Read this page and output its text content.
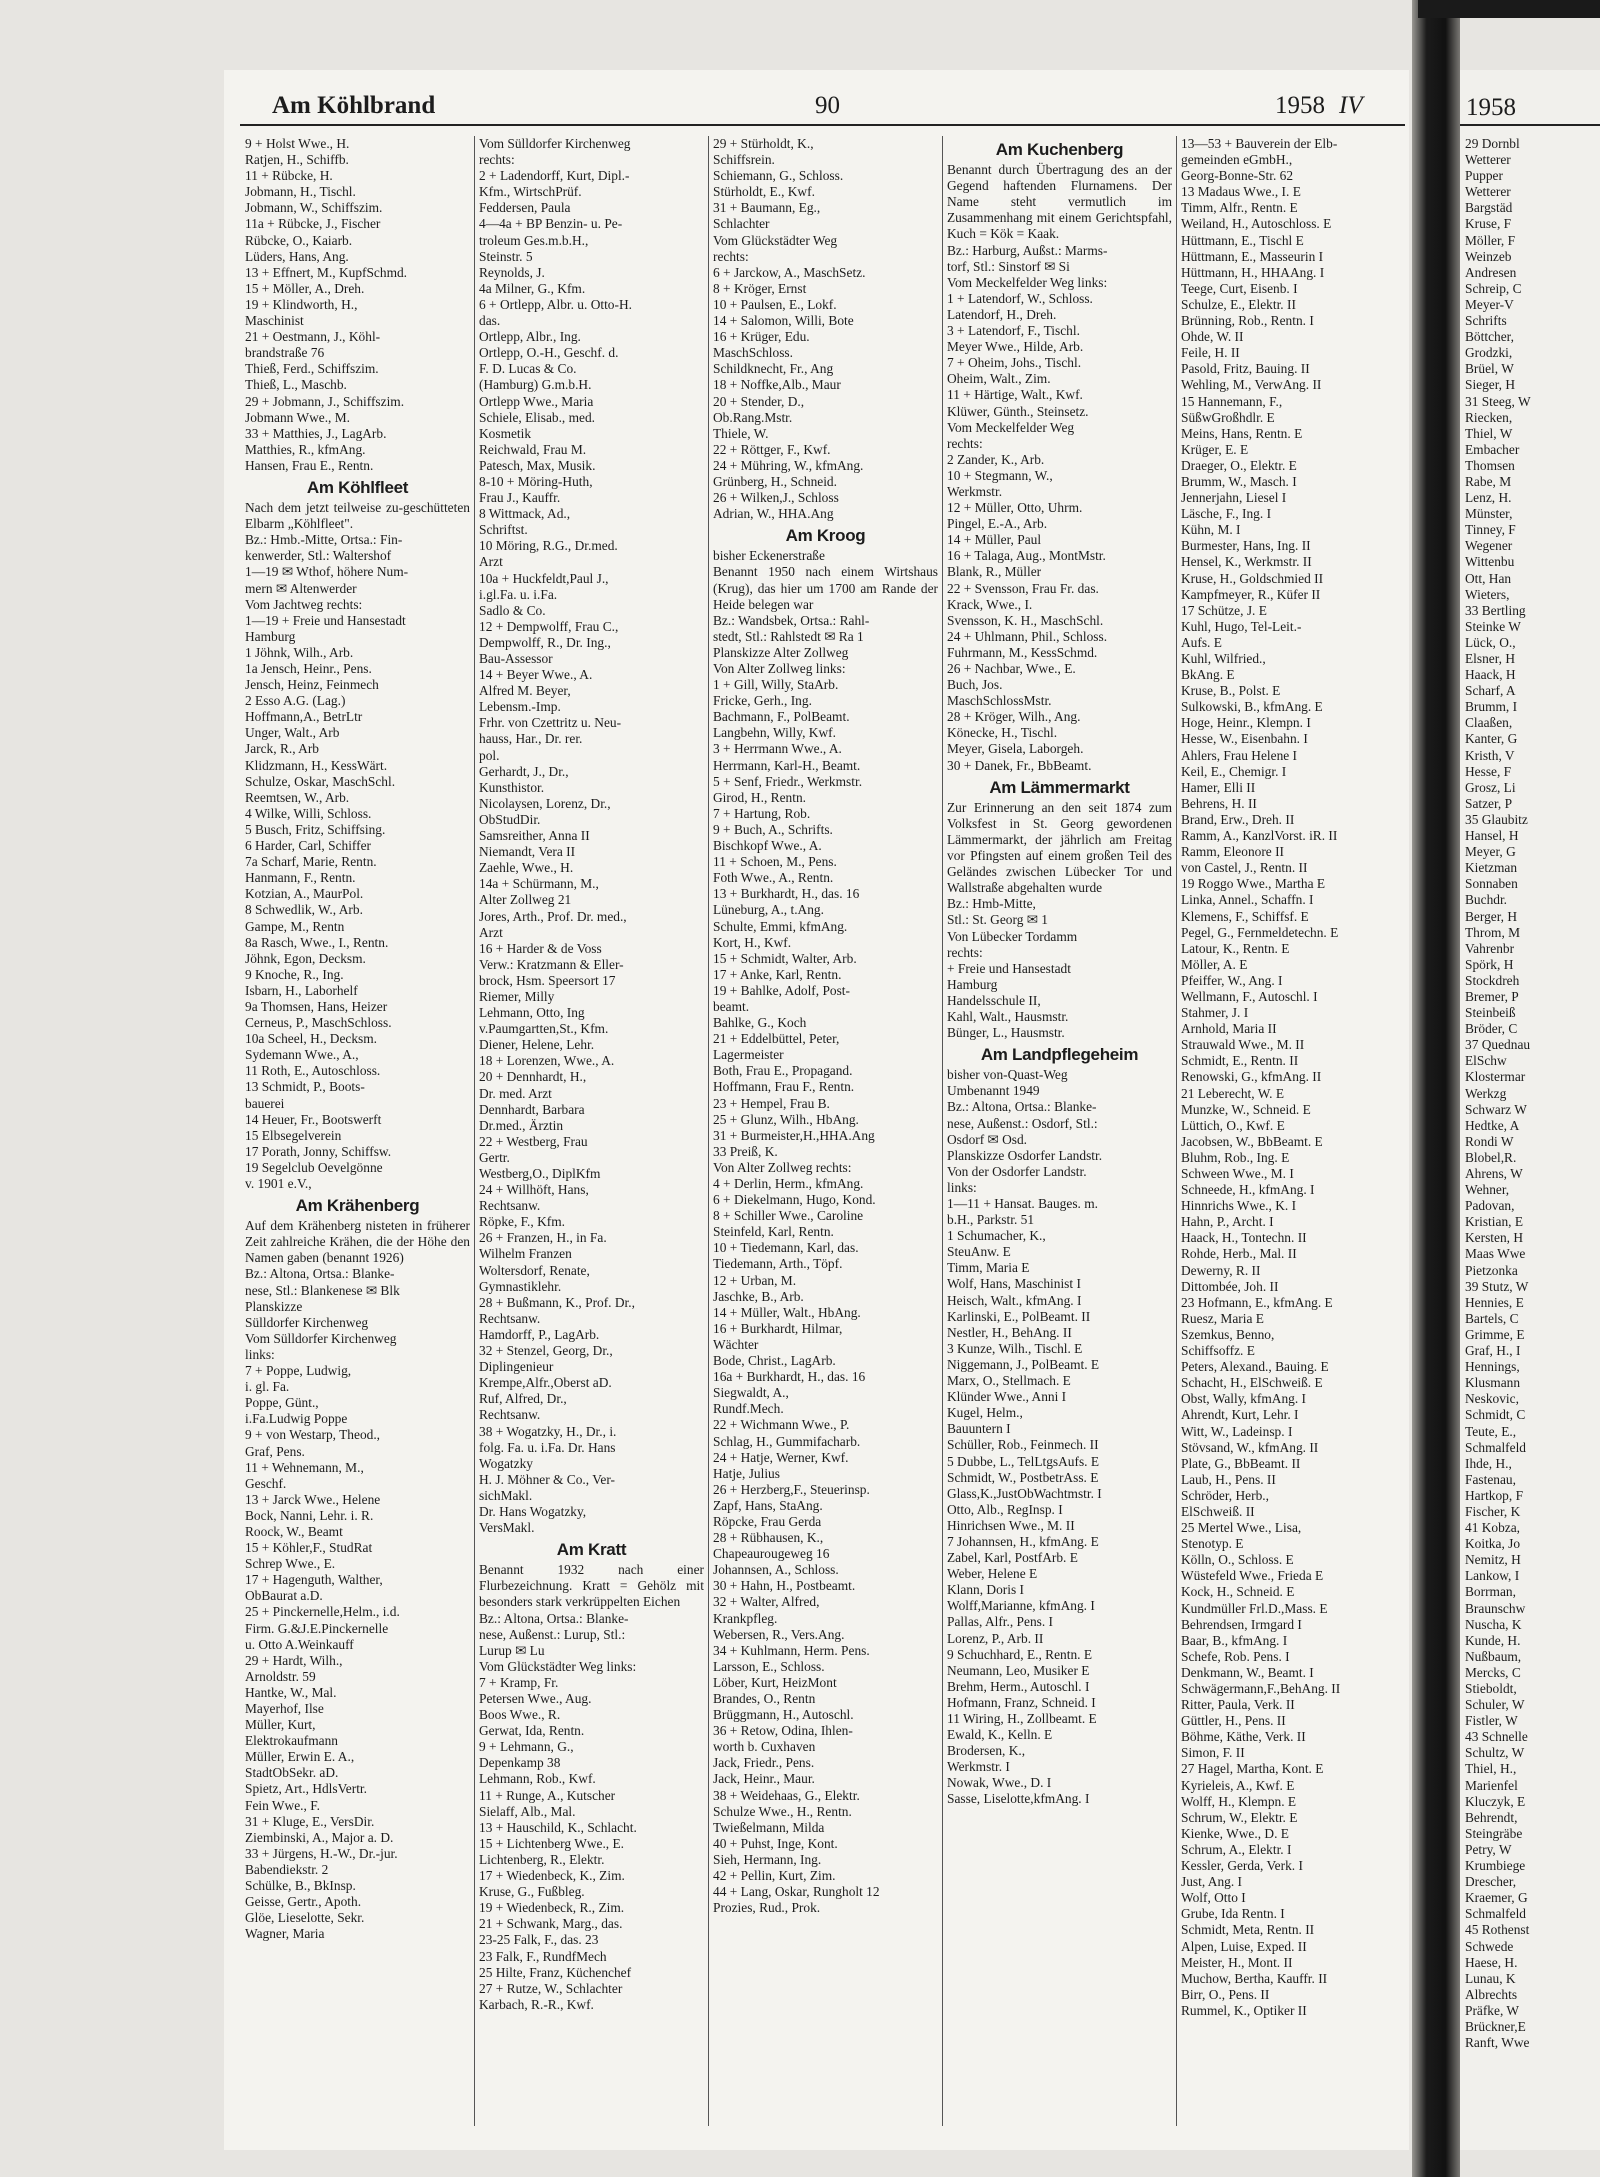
Am Köhlbrand	90	1958 IV	1958
9 + Holst Wwe., H.
Ratjen, H., Schiffb.
11 + Rübcke, H.
Jobmann, H., Tischl.
Jobmann, W., Schiffszim.
11a + Rübcke, J., Fischer
Rübcke, O., Kaiarb.
Lüders, Hans, Ang.
13 + Effnert, M., KupfSchmd.
15 + Möller, A., Dreh.
19 + Klindworth, H.,
Maschinist
21 + Oestmann, J., Köhl-
brandstraße 76
Thieß, Ferd., Schiffszim.
Thieß, L., Maschb.
29 + Jobmann, J., Schiffszim.
Jobmann Wwe., M.
33 + Matthies, J., LagArb.
Matthies, R., kfmAng.
Hansen, Frau E., Rentn.
Am Köhlfleet
Nach dem jetzt teilweise zu-geschütteten Elbarm „Köhlfleet".
Bz.: Hmb.-Mitte, Ortsa.: Fin-
kenwerder, Stl.: Waltershof
1—19 ✉ Wthof, höhere Num-
mern ✉ Altenwerder
Vom Jachtweg rechts:
1—19 + Freie und Hansestadt
Hamburg
1 Jöhnk, Wilh., Arb.
1a Jensch, Heinr., Pens.
Jensch, Heinz, Feinmech
2 Esso A.G. (Lag.)
Hoffmann,A., BetrLtr
Unger, Walt., Arb
Jarck, R., Arb
Klidzmann, H., KessWärt.
Schulze, Oskar, MaschSchl.
Reemtsen, W., Arb.
4 Wilke, Willi, Schloss.
5 Busch, Fritz, Schiffsing.
6 Harder, Carl, Schiffer
7a Scharf, Marie, Rentn.
Hanmann, F., Rentn.
Kotzian, A., MaurPol.
8 Schwedlik, W., Arb.
Gampe, M., Rentn
8a Rasch, Wwe., I., Rentn.
Jöhnk, Egon, Decksm.
9 Knoche, R., Ing.
Isbarn, H., Laborhelf
9a Thomsen, Hans, Heizer
Cerneus, P., MaschSchloss.
10a Scheel, H., Decksm.
Sydemann Wwe., A.,
11 Roth, E., Autoschloss.
13 Schmidt, P., Boots-
bauerei
14 Heuer, Fr., Bootswerft
15 Elbsegelverein
17 Porath, Jonny, Schiffsw.
19 Segelclub Oevelgönne
v. 1901 e.V.,
Am Krähenberg
Auf dem Krähenberg nisteten in früherer Zeit zahlreiche Krähen, die der Höhe den Namen gaben (benannt 1926)
Bz.: Altona, Ortsa.: Blanke-
nese, Stl.: Blankenese ✉ Blk
Planskizze
Sülldorfer Kirchenweg
Vom Sülldorfer Kirchenweg
links:
7 + Poppe, Ludwig,
i. gl. Fa.
Poppe, Günt.,
i.Fa.Ludwig Poppe
9 + von Westarp, Theod.,
Graf, Pens.
11 + Wehnemann, M.,
Geschf.
13 + Jarck Wwe., Helene
Bock, Nanni, Lehr. i. R.
Roock, W., Beamt
15 + Köhler,F., StudRat
Schrep Wwe., E.
17 + Hagenguth, Walther,
ObBaurat a.D.
25 + Pinckernelle,Helm., i.d.
Firm. G.&J.E.Pinckernelle
u. Otto A.Weinkauff
29 + Hardt, Wilh.,
Arnoldstr. 59
Hantke, W., Mal.
Mayerhof, Ilse
Müller, Kurt,
Elektrokaufmann
Müller, Erwin E. A.,
StadtObSekr. aD.
Spietz, Art., HdlsVertr.
Fein Wwe., F.
31 + Kluge, E., VersDir.
Ziembinski, A., Major a. D.
33 + Jürgens, H.-W., Dr.-jur.
Babendiekstr. 2
Schülke, B., BkInsp.
Geisse, Gertr., Apoth.
Glöe, Lieselotte, Sekr.
Wagner, Maria
Vom Sülldorfer Kirchenweg
rechts:
2 + Ladendorff, Kurt, Dipl.-
Kfm., WirtschPrüf.
Feddersen, Paula
4—4a + BP Benzin- u. Pe-
troleum Ges.m.b.H.,
Steinstr. 5
Reynolds, J.
4a Milner, G., Kfm.
6 + Ortlepp, Albr. u. Otto-H.
das.
Ortlepp, Albr., Ing.
Ortlepp, O.-H., Geschf. d.
F. D. Lucas & Co.
(Hamburg) G.m.b.H.
Ortlepp Wwe., Maria
Schiele, Elisab., med.
Kosmetik
Reichwald, Frau M.
Patesch, Max, Musik.
8-10 + Möring-Huth,
Frau J., Kauffr.
8 Wittmack, Ad.,
Schriftst.
10 Möring, R.G., Dr.med.
Arzt
10a + Huckfeldt,Paul J.,
i.gl.Fa. u. i.Fa.
Sadlo & Co.
12 + Dempwolff, Frau C.,
Dempwolff, R., Dr. Ing.,
Bau-Assessor
14 + Beyer Wwe., A.
Alfred M. Beyer,
Lebensm.-Imp.
Frhr. von Czettritz u. Neu-
hauss, Har., Dr. rer.
pol.
Gerhardt, J., Dr.,
Kunsthistor.
Nicolaysen, Lorenz, Dr.,
ObStudDir.
Samsreither, Anna II
Niemandt, Vera II
Zaehle, Wwe., H.
14a + Schürmann, M.,
Alter Zollweg 21
Jores, Arth., Prof. Dr. med.,
Arzt
16 + Harder & de Voss
Verw.: Kratzmann & Eller-
brock, Hsm. Speersort 17
Riemer, Milly
Lehmann, Otto, Ing
v.Paumgartten,St., Kfm.
Diener, Helene, Lehr.
18 + Lorenzen, Wwe., A.
20 + Dennhardt, H.,
Dr. med. Arzt
Dennhardt, Barbara
Dr.med., Ärztin
22 + Westberg, Frau
Gertr.
Westberg,O., DiplKfm
24 + Willhöft, Hans,
Rechtsanw.
Röpke, F., Kfm.
26 + Franzen, H., in Fa.
Wilhelm Franzen
Woltersdorf, Renate,
Gymnastiklehr.
28 + Bußmann, K., Prof. Dr.,
Rechtsanw.
Hamdorff, P., LagArb.
32 + Stenzel, Georg, Dr.,
Diplingenieur
Krempe,Alfr.,Oberst aD.
Ruf, Alfred, Dr.,
Rechtsanw.
38 + Wogatzky, H., Dr., i.
folg. Fa. u. i.Fa. Dr. Hans
Wogatzky
H. J. Möhner & Co., Ver-
sichMakl.
Dr. Hans Wogatzky,
VersMakl.
Am Kratt
Benannt 1932 nach einer Flurbezeichnung. Kratt = Gehölz mit besonders stark verkrüppelten Eichen
Bz.: Altona, Ortsa.: Blanke-
nese, Außenst.: Lurup, Stl.:
Lurup ✉ Lu
Vom Glückstädter Weg links:
7 + Kramp, Fr.
Petersen Wwe., Aug.
Boos Wwe., R.
Gerwat, Ida, Rentn.
9 + Lehmann, G.,
Depenkamp 38
Lehmann, Rob., Kwf.
11 + Runge, A., Kutscher
Sielaff, Alb., Mal.
13 + Hauschild, K., Schlacht.
15 + Lichtenberg Wwe., E.
Lichtenberg, R., Elektr.
17 + Wiedenbeck, K., Zim.
Kruse, G., Fußbleg.
19 + Wiedenbeck, R., Zim.
21 + Schwank, Marg., das.
23-25 Falk, F., das. 23
23 Falk, F., RundfMech
25 Hilte, Franz, Küchenchef
27 + Rutze, W., Schlachter
Karbach, R.-R., Kwf.
29 + Stürholdt, K.,
Schiffsrein.
Schiemann, G., Schloss.
Stürholdt, E., Kwf.
31 + Baumann, Eg.,
Schlachter
Vom Glückstädter Weg
rechts:
6 + Jarckow, A., MaschSetz.
8 + Kröger, Ernst
10 + Paulsen, E., Lokf.
14 + Salomon, Willi, Bote
16 + Krüger, Edu.
MaschSchloss.
Schildknecht, Fr., Ang
18 + Noffke,Alb., Maur
20 + Stender, D.,
Ob.Rang.Mstr.
Thiele, W.
22 + Röttger, F., Kwf.
24 + Mühring, W., kfmAng.
Grünberg, H., Schneid.
26 + Wilken,J., Schloss
Adrian, W., HHA.Ang
Am Kroog
bisher Eckenerstraße
Benannt 1950 nach einem Wirtshaus (Krug), das hier um 1700 am Rande der Heide belegen war
Bz.: Wandsbek, Ortsa.: Rahl-
stedt, Stl.: Rahlstedt ✉ Ra 1
Planskizze Alter Zollweg
Von Alter Zollweg links:
1 + Gill, Willy, StaArb.
Fricke, Gerh., Ing.
Bachmann, F., PolBeamt.
Langbehn, Willy, Kwf.
3 + Herrmann Wwe., A.
Herrmann, Karl-H., Beamt.
5 + Senf, Friedr., Werkmstr.
Girod, H., Rentn.
7 + Hartung, Rob.
9 + Buch, A., Schrifts.
Bischkopf Wwe., A.
11 + Schoen, M., Pens.
Foth Wwe., A., Rentn.
13 + Burkhardt, H., das. 16
Lüneburg, A., t.Ang.
Schulte, Emmi, kfmAng.
Kort, H., Kwf.
15 + Schmidt, Walter, Arb.
17 + Anke, Karl, Rentn.
19 + Bahlke, Adolf, Post-
beamt.
Bahlke, G., Koch
21 + Eddelbüttel, Peter,
Lagermeister
Both, Frau E., Propagand.
Hoffmann, Frau F., Rentn.
23 + Hempel, Frau B.
25 + Glunz, Wilh., HbAng.
31 + Burmeister,H.,HHA.Ang
33 Preiß, K.
Von Alter Zollweg rechts:
4 + Derlin, Herm., kfmAng.
6 + Diekelmann, Hugo, Kond.
8 + Schiller Wwe., Caroline
Steinfeld, Karl, Rentn.
10 + Tiedemann, Karl, das.
Tiedemann, Arth., Töpf.
12 + Urban, M.
Jaschke, B., Arb.
14 + Müller, Walt., HbAng.
16 + Burkhardt, Hilmar,
Wächter
Bode, Christ., LagArb.
16a + Burkhardt, H., das. 16
Siegwaldt, A.,
Rundf.Mech.
22 + Wichmann Wwe., P.
Schlag, H., Gummifacharb.
24 + Hatje, Werner, Kwf.
Hatje, Julius
26 + Herzberg,F., Steuerinsp.
Zapf, Hans, StaAng.
Röpcke, Frau Gerda
28 + Rübhausen, K.,
Chapeaurougeweg 16
Johannsen, A., Schloss.
30 + Hahn, H., Postbeamt.
32 + Walter, Alfred,
Krankpfleg.
Webersen, R., Vers.Ang.
34 + Kuhlmann, Herm. Pens.
Larsson, E., Schloss.
Löber, Kurt, HeizMont
Brandes, O., Rentn
Brüggmann, H., Autoschl.
36 + Retow, Odina, Ihlen-
worth b. Cuxhaven
Jack, Friedr., Pens.
Jack, Heinr., Maur.
38 + Weidehaas, G., Elektr.
Schulze Wwe., H., Rentn.
Twießelmann, Milda
40 + Puhst, Inge, Kont.
Sieh, Hermann, Ing.
42 + Pellin, Kurt, Zim.
44 + Lang, Oskar, Rungholt 12
Prozies, Rud., Prok.
Am Kuchenberg
Benannt durch Übertragung des an der Gegend haftenden Flurnamens. Der Name steht vermutlich im Zusammenhang mit einem Gerichtspfahl, Kuch = Kök = Kaak.
Bz.: Harburg, Außst.: Marms-
torf, Stl.: Sinstorf ✉ Si
Vom Meckelfelder Weg links:
1 + Latendorf, W., Schloss.
Latendorf, H., Dreh.
3 + Latendorf, F., Tischl.
Meyer Wwe., Hilde, Arb.
7 + Oheim, Johs., Tischl.
Oheim, Walt., Zim.
11 + Härtige, Walt., Kwf.
Klüwer, Günth., Steinsetz.
Vom Meckelfelder Weg
rechts:
2 Zander, K., Arb.
10 + Stegmann, W.,
Werkmstr.
12 + Müller, Otto, Uhrm.
Pingel, E.-A., Arb.
14 + Müller, Paul
16 + Talaga, Aug., MontMstr.
Blank, R., Müller
22 + Svensson, Frau Fr. das.
Krack, Wwe., I.
Svensson, K. H., MaschSchl.
24 + Uhlmann, Phil., Schloss.
Fuhrmann, M., KessSchmd.
26 + Nachbar, Wwe., E.
Buch, Jos.
MaschSchlossMstr.
28 + Kröger, Wilh., Ang.
Könecke, H., Tischl.
Meyer, Gisela, Laborgeh.
30 + Danek, Fr., BbBeamt.
Am Lämmermarkt
Zur Erinnerung an den seit 1874 zum Volksfest in St. Georg gewordenen Lämmermarkt, der jährlich am Freitag vor Pfingsten auf einem großen Teil des Geländes zwischen Lübecker Tor und Wallstraße abgehalten wurde
Bz.: Hmb-Mitte,
Stl.: St. Georg ✉ 1
Von Lübecker Tordamm
rechts:
+ Freie und Hansestadt
Hamburg
Handelsschule II,
Kahl, Walt., Hausmstr.
Bünger, L., Hausmstr.
Am Landpflegeheim
bisher von-Quast-Weg
Umbenannt 1949
Bz.: Altona, Ortsa.: Blanke-
nese, Außenst.: Osdorf, Stl.:
Osdorf ✉ Osd.
Planskizze Osdorfer Landstr.
Von der Osdorfer Landstr.
links:
1—11 + Hansat. Bauges. m.
b.H., Parkstr. 51
1 Schumacher, K.,
SteuAnw. E
Timm, Maria E
Wolf, Hans, Maschinist I
Heisch, Walt., kfmAng. I
Karlinski, E., PolBeamt. II
Nestler, H., BehAng. II
3 Kunze, Wilh., Tischl. E
Niggemann, J., PolBeamt. E
Marx, O., Stellmach. E
Klünder Wwe., Anni I
Kugel, Helm.,
Bauuntern I
Schüller, Rob., Feinmech. II
5 Dubbe, L., TelLtgsAufs. E
Schmidt, W., PostbetrAss. E
Glass,K.,JustObWachtmstr. I
Otto, Alb., RegInsp. I
Hinrichsen Wwe., M. II
7 Johannsen, H., kfmAng. E
Zabel, Karl, PostfArb. E
Weber, Helene E
Klann, Doris I
Wolff,Marianne, kfmAng. I
Pallas, Alfr., Pens. I
Lorenz, P., Arb. II
9 Schuchhard, E., Rentn. E
Neumann, Leo, Musiker E
Brehm, Herm., Autoschl. I
Hofmann, Franz, Schneid. I
11 Wiring, H., Zollbeamt. E
Ewald, K., Kelln. E
Brodersen, K.,
Werkmstr. I
Nowak, Wwe., D. I
Sasse, Liselotte,kfmAng. I
13—53 + Bauverein der Elb-
gemeinden eGmbH.,
Georg-Bonne-Str. 62
13 Madaus Wwe., I. E
Timm, Alfr., Rentn. E
Weiland, H., Autoschloss. E
Hüttmann, E., Tischl E
Hüttmann, E., Masseurin I
Hüttmann, H., HHAAng. I
Teege, Curt, Eisenb. I
Schulze, E., Elektr. II
Brünning, Rob., Rentn. I
Ohde, W. II
Feile, H. II
Pasold, Fritz, Bauing. II
Wehling, M., VerwAng. II
15 Hannemann, F.,
SüßwGroßhdlr. E
Meins, Hans, Rentn. E
Krüger, E. E
Draeger, O., Elektr. E
Brumm, W., Masch. I
Jennerjahn, Liesel I
Läsche, F., Ing. I
Kühn, M. I
Burmester, Hans, Ing. II
Hensel, K., Werkmstr. II
Kruse, H., Goldschmied II
Kampfmeyer, R., Küfer II
17 Schütze, J. E
Kuhl, Hugo, Tel-Leit.-
Aufs. E
Kuhl, Wilfried.,
BkAng. E
Kruse, B., Polst. E
Sulkowski, B., kfmAng. E
Hoge, Heinr., Klempn. I
Hesse, W., Eisenbahn. I
Ahlers, Frau Helene I
Keil, E., Chemigr. I
Hamer, Elli II
Behrens, H. II
Brand, Erw., Dreh. II
Ramm, A., KanzlVorst. iR. II
Ramm, Eleonore II
von Castel, J., Rentn. II
19 Roggo Wwe., Martha E
Linka, Annel., Schaffn. I
Klemens, F., Schiffsf. E
Pegel, G., Fernmeldetechn. E
Latour, K., Rentn. E
Möller, A. E
Pfeiffer, W., Ang. I
Wellmann, F., Autoschl. I
Stahmer, J. I
Arnhold, Maria II
Strauwald Wwe., M. II
Schmidt, E., Rentn. II
Renowski, G., kfmAng. II
21 Leberecht, W. E
Munzke, W., Schneid. E
Lüttich, O., Kwf. E
Jacobsen, W., BbBeamt. E
Bluhm, Rob., Ing. E
Schween Wwe., M. I
Schneede, H., kfmAng. I
Hinnrichs Wwe., K. I
Hahn, P., Archt. I
Haack, H., Tontechn. II
Rohde, Herb., Mal. II
Dewerny, R. II
Dittombée, Joh. II
23 Hofmann, E., kfmAng. E
Ruesz, Maria E
Szemkus, Benno,
Schiffsoffz. E
Peters, Alexand., Bauing. E
Schacht, H., ElSchweiß. E
Obst, Wally, kfmAng. I
Ahrendt, Kurt, Lehr. I
Witt, W., Ladeinsp. I
Stövsand, W., kfmAng. II
Plate, G., BbBeamt. II
Laub, H., Pens. II
Schröder, Herb.,
ElSchweiß. II
25 Mertel Wwe., Lisa,
Stenotyp. E
Kölln, O., Schloss. E
Wüstefeld Wwe., Frieda E
Kock, H., Schneid. E
Kundmüller Frl.D.,Mass. E
Behrendsen, Irmgard I
Baar, B., kfmAng. I
Schefe, Rob. Pens. I
Denkmann, W., Beamt. I
Schwägermann,F.,BehAng. II
Ritter, Paula, Verk. II
Güttler, H., Pens. II
Böhme, Käthe, Verk. II
Simon, F. II
27 Hagel, Martha, Kont. E
Kyrieleis, A., Kwf. E
Wolff, H., Klempn. E
Schrum, W., Elektr. E
Kienke, Wwe., D. E
Schrum, A., Elektr. I
Kessler, Gerda, Verk. I
Just, Ang. I
Wolf, Otto I
Grube, Ida Rentn. I
Schmidt, Meta, Rentn. II
Alpen, Luise, Exped. II
Meister, H., Mont. II
Muchow, Bertha, Kauffr. II
Birr, O., Pens. II
Rummel, K., Optiker II
29 Dornbl
Wetterer
Pupper
Wetterer
Bargstäd
Kruse, F
Möller, F
Weinzeb
Andresen
Schreip, C
Meyer-V
Schrifts
Böttcher,
Grodzki,
Brüel, W
Sieger, H
31 Steeg, W
Riecken,
Thiel, W
Embacher
Thomsen
Rabe, M
Lenz, H.
Münster,
Tinney, F
Wegener
Wittenbu
Ott, Han
Wieters,
33 Bertling
Steinke W
Lück, O.,
Elsner, H
Haack, H
Scharf, A
Brumm, I
Claaßen,
Kanter, G
Kristh, V
Hesse, F
Grosz, Li
Satzer, P
35 Glaubitz
Hansel, H
Meyer, G
Kietzman
Sonnaben
Buchdr.
Berger, H
Throm, M
Vahrenbr
Spörk, H
Stockdreh
Bremer, P
Steinbeiß
Bröder, C
37 Quednau
ElSchw
Klostermar
Werkzg
Schwarz W
Hedtke, A
Rondi W
Blobel,R.
Ahrens, W
Wehner,
Padovan,
Kristian, E
Kersten, H
Maas Wwe
Pietzonka
39 Stutz, W
Hennies, E
Bartels, C
Grimme, E
Graf, H., I
Hennings,
Klusmann
Neskovic,
Schmidt, C
Teute, E.,
Schmalfeld
Ihde, H.,
Fastenau,
Hartkop, F
Fischer, K
41 Kobza,
Koitka, Jo
Nemitz, H
Lankow, I
Borrman,
Braunschw
Nuscha, K
Kunde, H.
Nußbaum,
Mercks, C
Stieboldt,
Schuler, W
Fistler, W
43 Schnelle
Schultz, W
Thiel, H.,
Marienfel
Kluczyk, E
Behrendt,
Steingräbe
Petry, W
Krumbiege
Drescher,
Kraemer, G
Schmalfeld
45 Rothenst
Schwede
Haese, H.
Lunau, K
Albrechts
Präfke, W
Brückner,E
Ranft, Wwe
